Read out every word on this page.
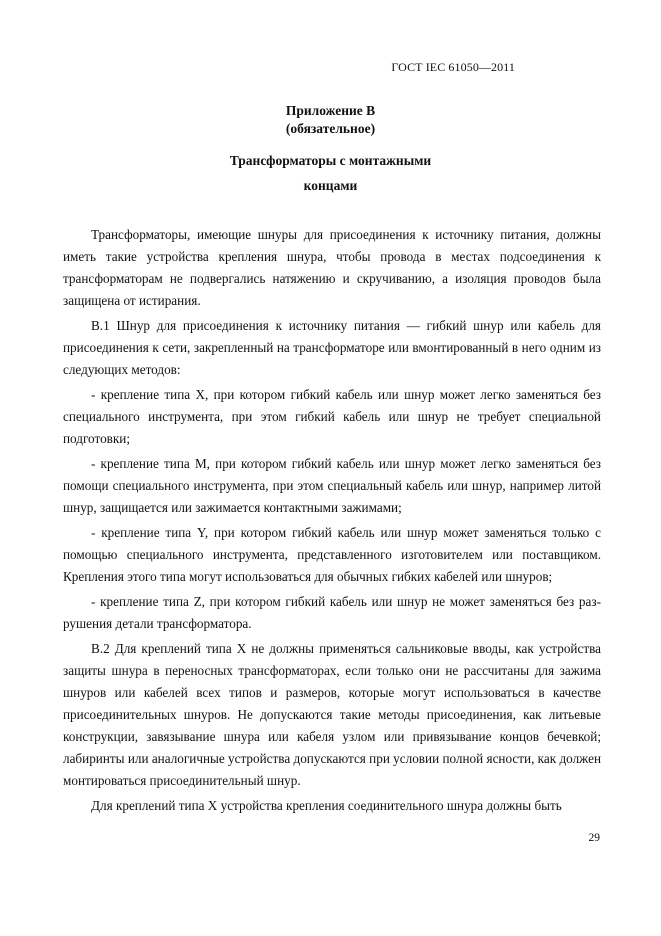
ГОСТ IEC 61050—2011
Приложение В
(обязательное)
Трансформаторы с монтажными
концами

Трансформаторы, имеющие шнуры для присоединения к источнику питания, должны иметь такие устройства крепления шнура, чтобы провода в местах подсоединения к трансформаторам не подвергались натяжению и скручиванию, а изоляция проводов была защищена от истирания.

В.1 Шнур для присоединения к источнику питания — гибкий шнур или кабель для присоединения к сети, закрепленный на трансформаторе или вмонтированный в него одним из следующих методов:

- крепление типа Х, при котором гибкий кабель или шнур может легко заменяться без специального инструмента, при этом гибкий кабель или шнур не требует специальной подготовки;

- крепление типа М, при котором гибкий кабель или шнур может легко заменяться без помощи специального инструмента, при этом специальный кабель или шнур, например литой шнур, защищается или зажимается контактными зажимами;

- крепление типа Y, при котором гибкий кабель или шнур может заменяться только с помощью специального инструмента, представленного изготовителем или поставщиком. Крепления этого типа могут использоваться для обычных гибких кабелей или шнуров;

- крепление типа Z, при котором гибкий кабель или шнур не может заменяться без разрушения детали трансформатора.

В.2 Для креплений типа Х не должны применяться сальниковые вводы, как устройства защиты шнура в переносных трансформаторах, если только они не рассчитаны для зажима шнуров или кабелей всех типов и размеров, которые могут использоваться в качестве присоединительных шнуров. Не допускаются такие методы присоединения, как литьевые конструкции, завязывание шнура или кабеля узлом или привязывание концов бечевкой; лабиринты или аналогичные устройства допускаются при условии полной ясности, как должен монтироваться присоединительный шнур.

Для креплений типа Х устройства крепления соединительного шнура должны быть

29
